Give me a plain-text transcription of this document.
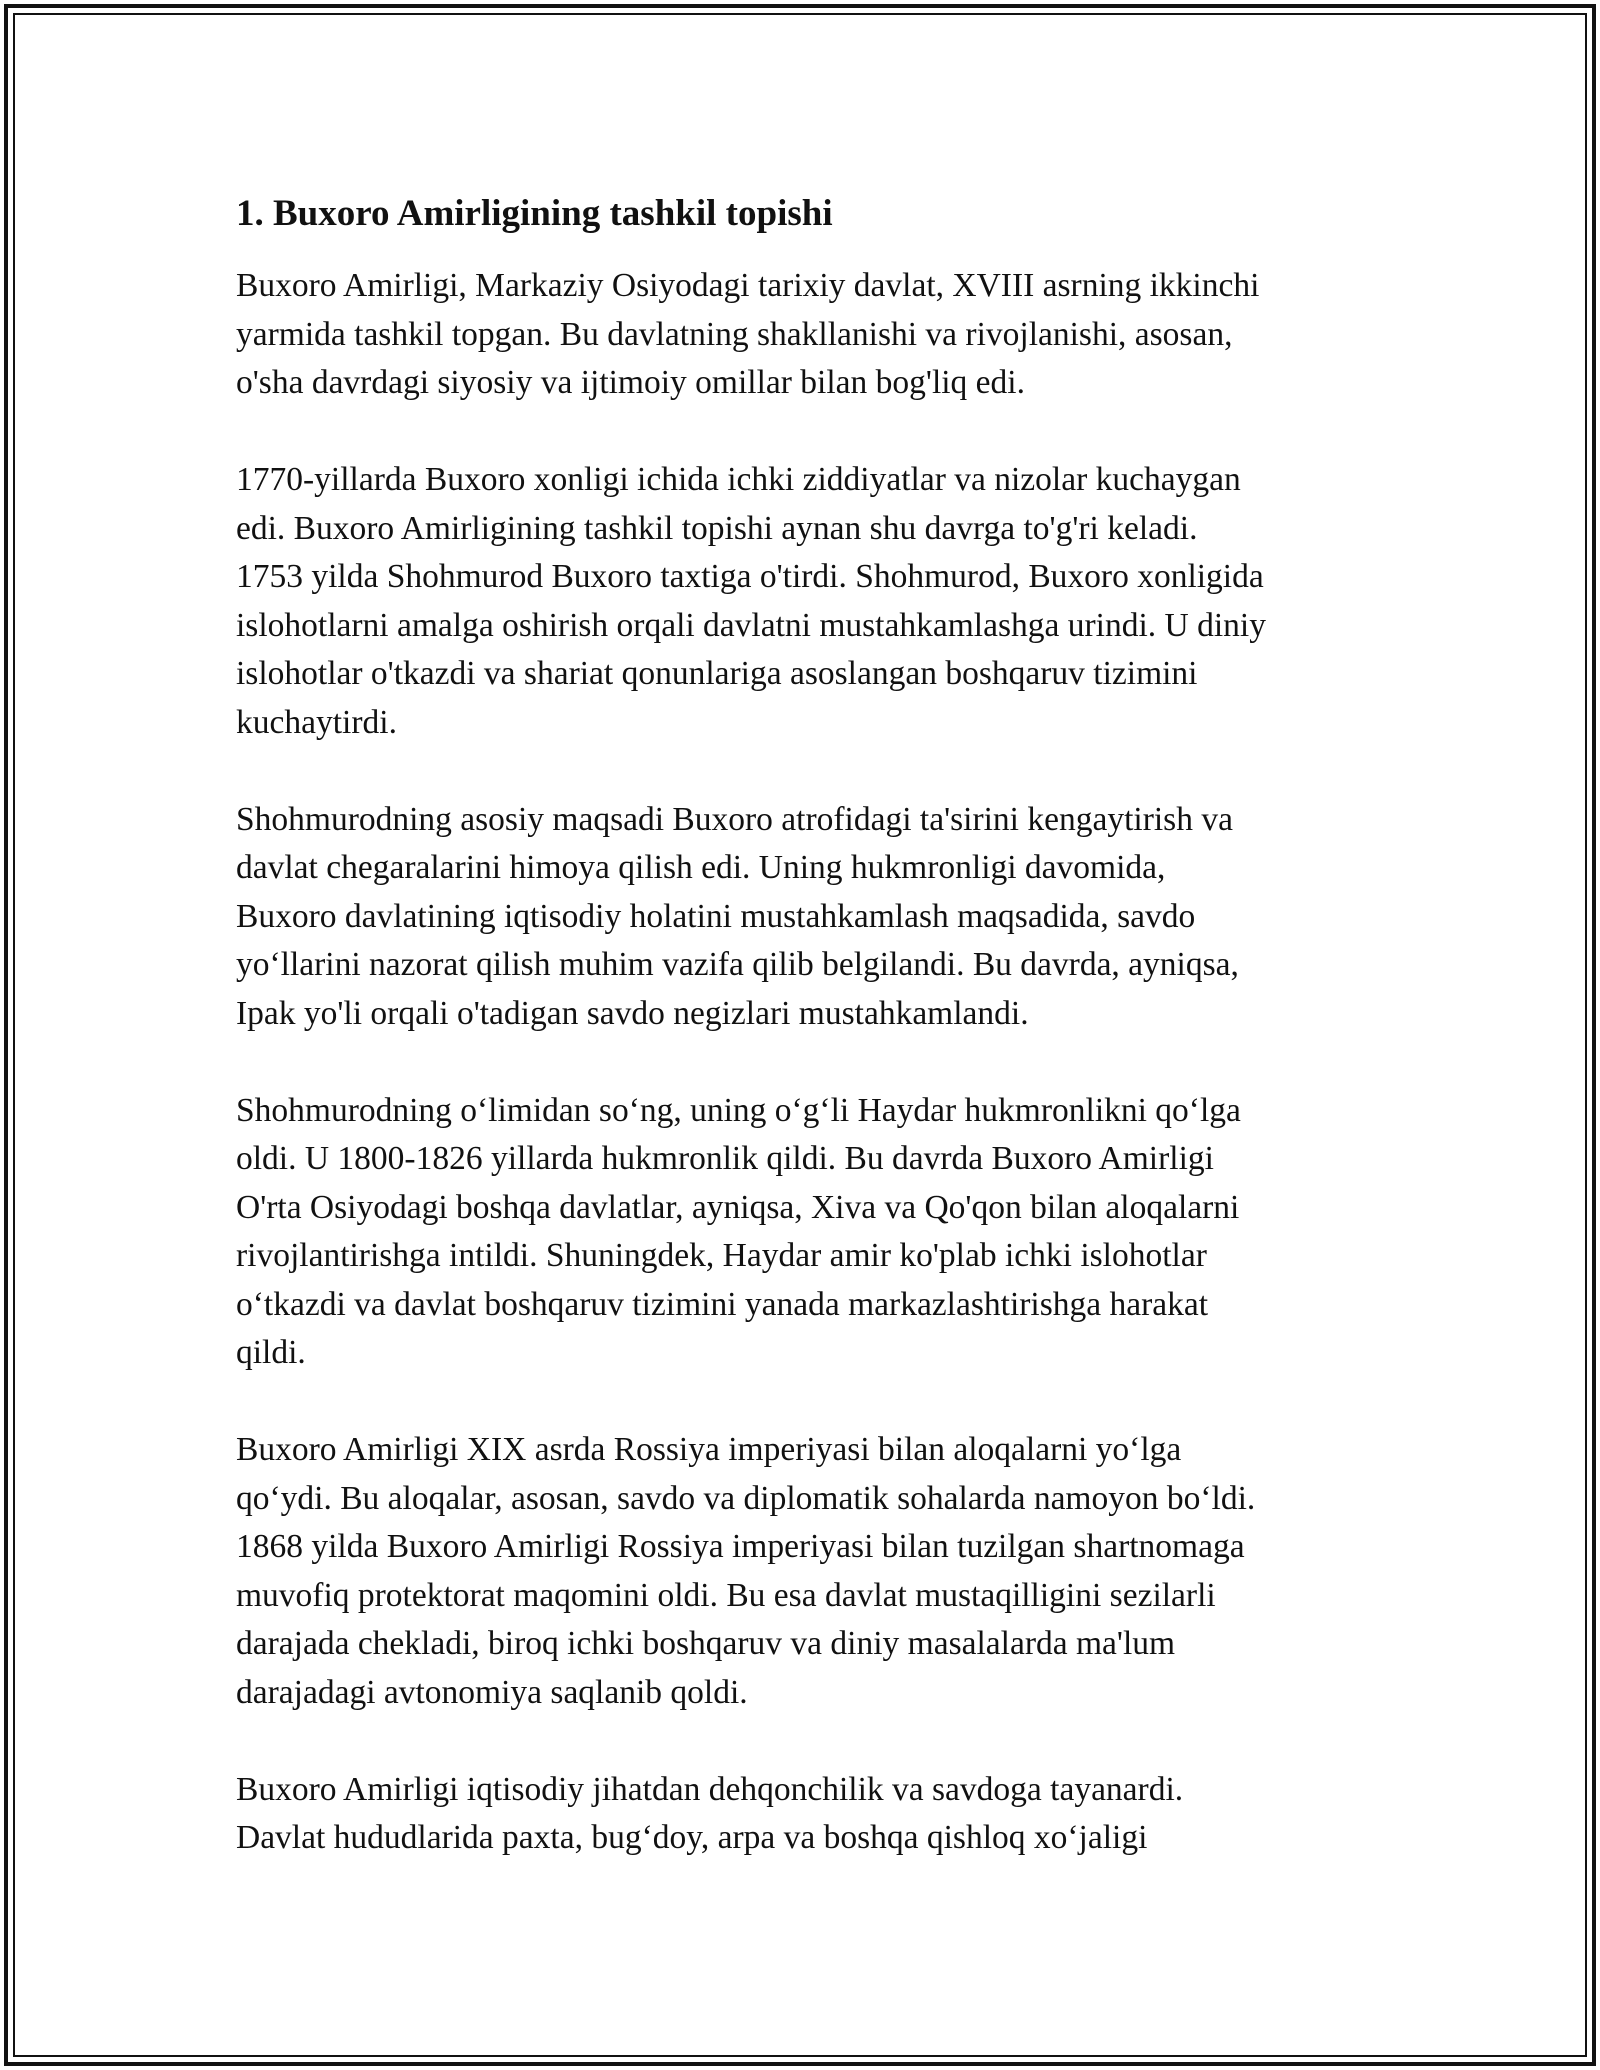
1. Buxoro Amirligining tashkil topishi

Buxoro Amirligi, Markaziy Osiyodagi tarixiy davlat, XVIII asrning ikkinchi
yarmida tashkil topgan. Bu davlatning shakllanishi va rivojlanishi, asosan,
o'sha davrdagi siyosiy va ijtimoiy omillar bilan bog'liq edi.

1770-yillarda Buxoro xonligi ichida ichki ziddiyatlar va nizolar kuchaygan
edi. Buxoro Amirligining tashkil topishi aynan shu davrga to'g'ri keladi.
1753 yilda Shohmurod Buxoro taxtiga o'tirdi. Shohmurod, Buxoro xonligida
islohotlarni amalga oshirish orqali davlatni mustahkamlashga urindi. U diniy
islohotlar o'tkazdi va shariat qonunlariga asoslangan boshqaruv tizimini
kuchaytirdi.

Shohmurodning asosiy maqsadi Buxoro atrofidagi ta'sirini kengaytirish va
davlat chegaralarini himoya qilish edi. Uning hukmronligi davomida,
Buxoro davlatining iqtisodiy holatini mustahkamlash maqsadida, savdo
yo‘llarini nazorat qilish muhim vazifa qilib belgilandi. Bu davrda, ayniqsa,
Ipak yo'li orqali o'tadigan savdo negizlari mustahkamlandi.

Shohmurodning o‘limidan so‘ng, uning o‘g‘li Haydar hukmronlikni qo‘lga
oldi. U 1800-1826 yillarda hukmronlik qildi. Bu davrda Buxoro Amirligi
O'rta Osiyodagi boshqa davlatlar, ayniqsa, Xiva va Qo'qon bilan aloqalarni
rivojlantirishga intildi. Shuningdek, Haydar amir ko'plab ichki islohotlar
o‘tkazdi va davlat boshqaruv tizimini yanada markazlashtirishga harakat
qildi.

Buxoro Amirligi XIX asrda Rossiya imperiyasi bilan aloqalarni yo‘lga
qo‘ydi. Bu aloqalar, asosan, savdo va diplomatik sohalarda namoyon bo‘ldi.
1868 yilda Buxoro Amirligi Rossiya imperiyasi bilan tuzilgan shartnomaga
muvofiq protektorat maqomini oldi. Bu esa davlat mustaqilligini sezilarli
darajada chekladi, biroq ichki boshqaruv va diniy masalalarda ma'lum
darajadagi avtonomiya saqlanib qoldi.

Buxoro Amirligi iqtisodiy jihatdan dehqonchilik va savdoga tayanardi.
Davlat hududlarida paxta, bug‘doy, arpa va boshqa qishloq xo‘jaligi
